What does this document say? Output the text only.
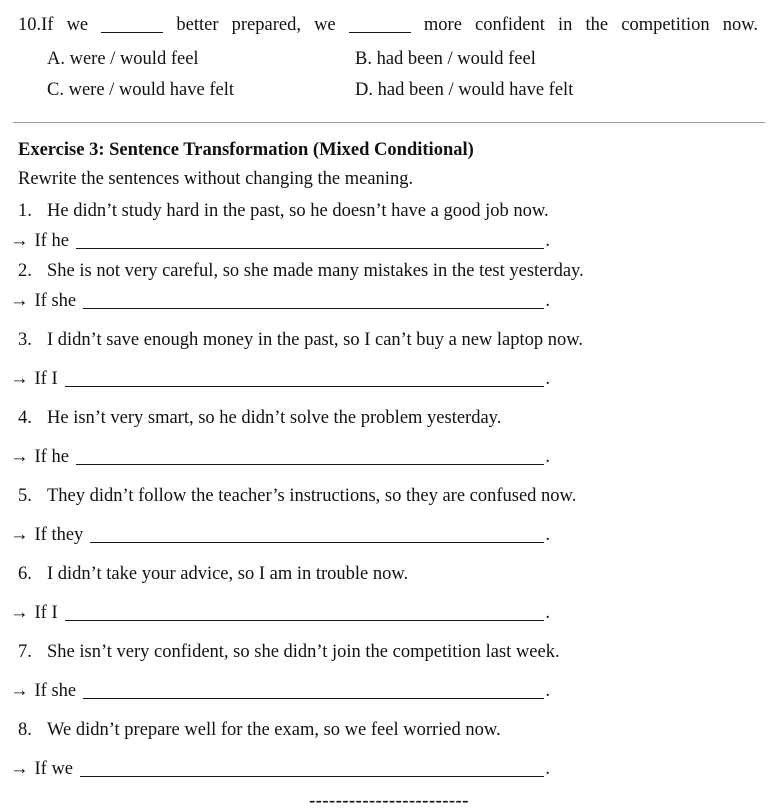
10.If we	better prepared, we	more confident in the competition now.
A. were / would feel	B. had been / would feel
C. were / would have felt	D. had been / would have felt
Exercise 3: Sentence Transformation (Mixed Conditional)
Rewrite the sentences without changing the meaning.
1. He didn’t study hard in the past, so he doesn’t have a good job now.
→ If he	.
2. She is not very careful, so she made many mistakes in the test yesterday.
→ If she	.
3. I didn’t save enough money in the past, so I can’t buy a new laptop now.
→ If I	.
4. He isn’t very smart, so he didn’t solve the problem yesterday.
→ If he	.
5. They didn’t follow the teacher’s instructions, so they are confused now.
→ If they	.
6. I didn’t take your advice, so I am in trouble now.
→ If I	.
7. She isn’t very confident, so she didn’t join the competition last week.
→ If she	.
8. We didn’t prepare well for the exam, so we feel worried now.
→ If we	.
------------------------
